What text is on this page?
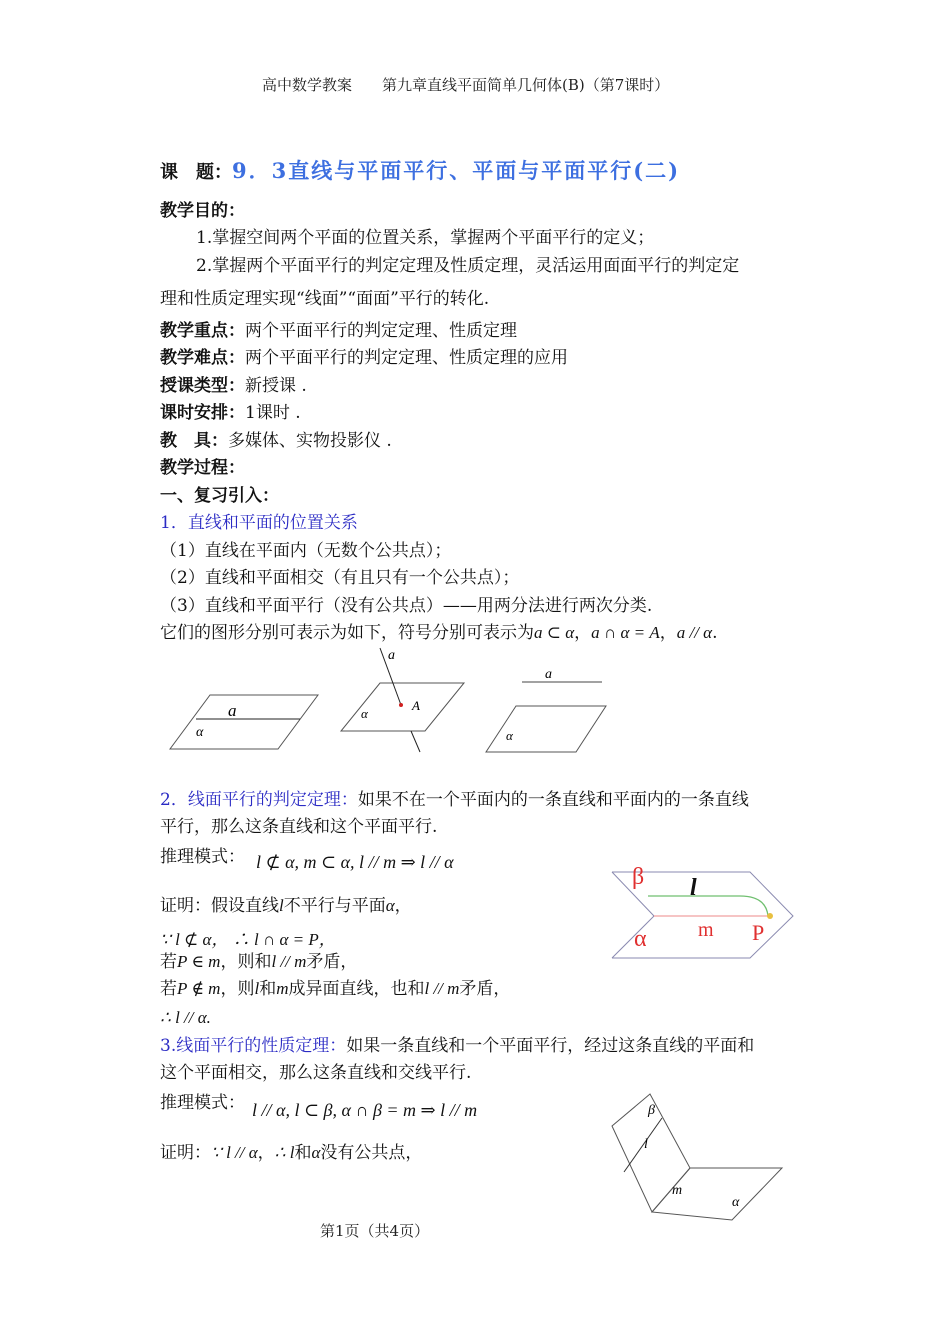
高中数学教案　　第九章直线平面简单几何体(B)（第7课时）
课　题：9．3直线与平面平行、平面与平面平行(二)
教学目的：
1.掌握空间两个平面的位置关系，掌握两个平面平行的定义；
2.掌握两个平面平行的判定定理及性质定理，灵活运用面面平行的判定定
理和性质定理实现“线面”“面面”平行的转化.
教学重点：两个平面平行的判定定理、性质定理
教学难点：两个平面平行的判定定理、性质定理的应用
授课类型：新授课 .
课时安排：1课时 .
教　具：多媒体、实物投影仪 .
教学过程：
一、复习引入：
1．直线和平面的位置关系
（1）直线在平面内（无数个公共点）；
（2）直线和平面相交（有且只有一个公共点）；
（3）直线和平面平行（没有公共点）——用两分法进行两次分类.
它们的图形分别可表示为如下，符号分别可表示为a ⊂ α，a ∩ α = A，a // α.
a
α
a
A
α
a
α
β l
α	m P
β
l
m
α
2．线面平行的判定定理：如果不在一个平面内的一条直线和平面内的一条直线
平行，那么这条直线和这个平面平行.
推理模式： l ⊄ α, m ⊂ α, l // m ⇒ l // α
证明：假设直线l不平行与平面α，
∵ l ⊄ α， ∴ l ∩ α = P，
若P ∈ m，则和l // m矛盾，
若P ∉ m，则l和m成异面直线，也和l // m矛盾，
∴ l // α.
3.线面平行的性质定理：如果一条直线和一个平面平行，经过这条直线的平面和
这个平面相交，那么这条直线和交线平行.
推理模式： l // α, l ⊂ β, α ∩ β = m ⇒ l // m
证明：∵ l // α，∴ l和α没有公共点，
第1页（共4页）
